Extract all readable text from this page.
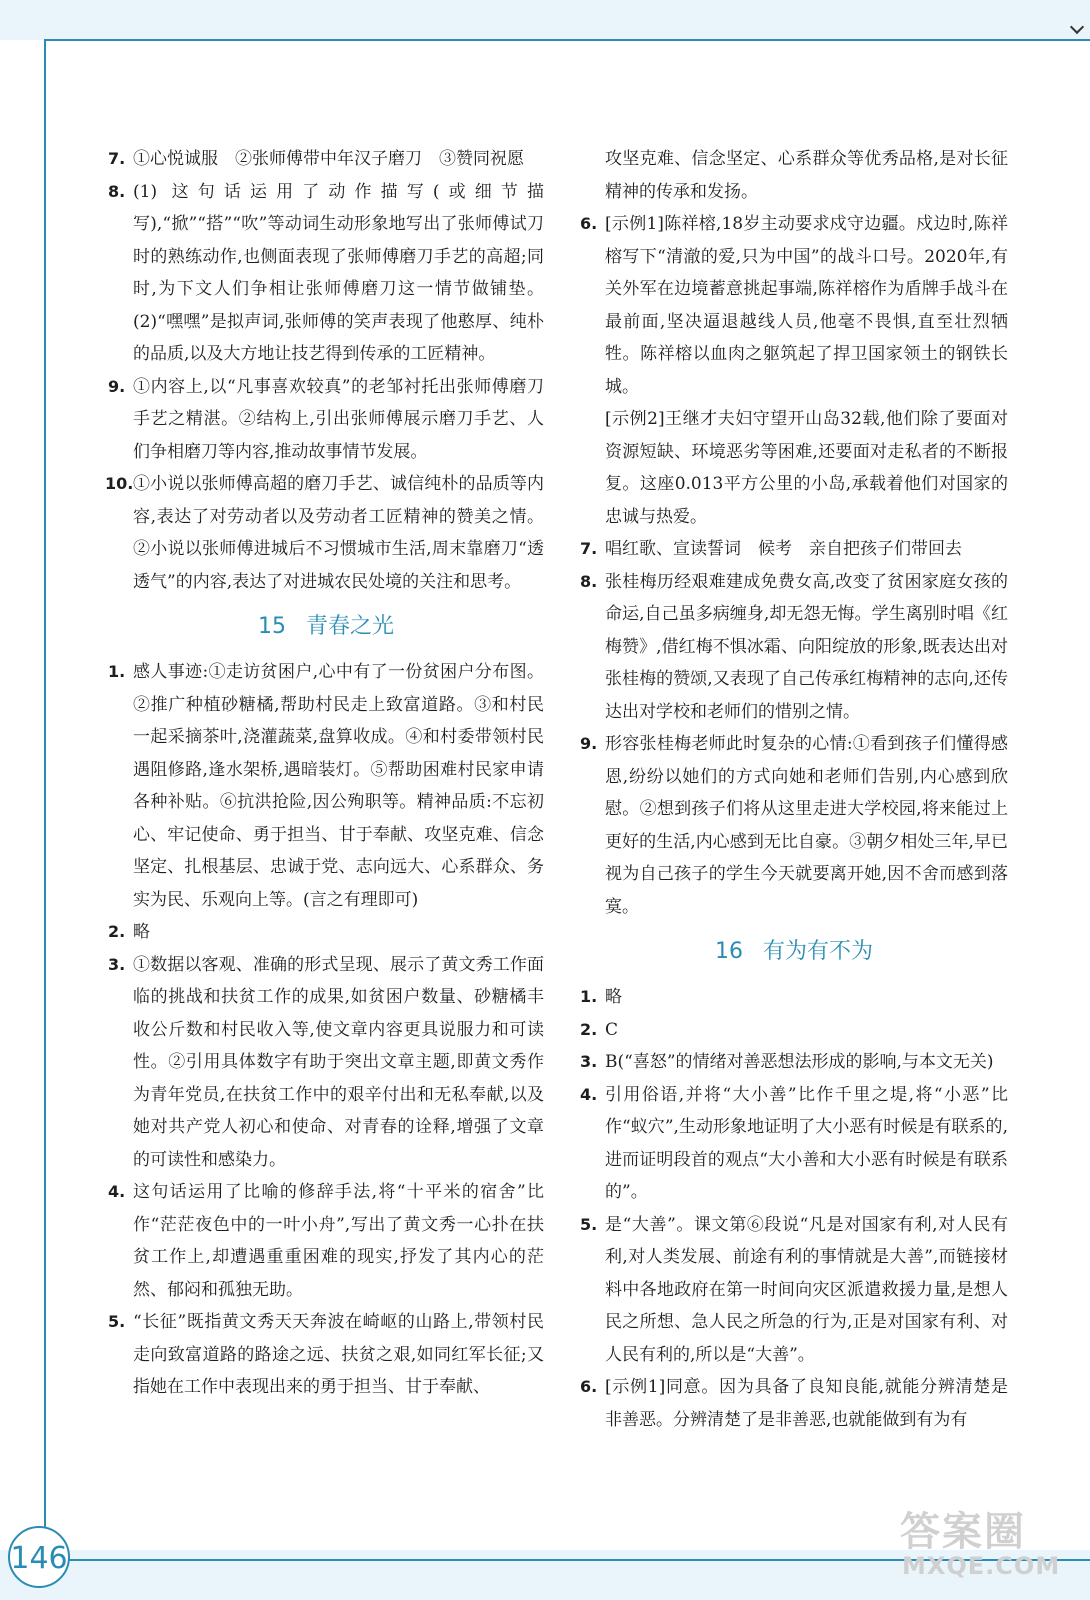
146
7. ①心悦诚服　②张师傅带中年汉子磨刀　③赞同祝愿
8. (1) 这句话运用了动作描写(或细节描写),“掀”“搭”“吹”等动词生动形象地写出了张师傅试刀时的熟练动作,也侧面表现了张师傅磨刀手艺的高超;同时,为下文人们争相让张师傅磨刀这一情节做铺垫。(2)“嘿嘿”是拟声词,张师傅的笑声表现了他憨厚、纯朴的品质,以及大方地让技艺得到传承的工匠精神。
9. ①内容上,以“凡事喜欢较真”的老邹衬托出张师傅磨刀手艺之精湛。②结构上,引出张师傅展示磨刀手艺、人们争相磨刀等内容,推动故事情节发展。
10. ①小说以张师傅高超的磨刀手艺、诚信纯朴的品质等内容,表达了对劳动者以及劳动者工匠精神的赞美之情。②小说以张师傅进城后不习惯城市生活,周末靠磨刀“透透气”的内容,表达了对进城农民处境的关注和思考。
15 青春之光
1. 感人事迹:①走访贫困户,心中有了一份贫困户分布图。②推广种植砂糖橘,帮助村民走上致富道路。③和村民一起采摘茶叶,浇灌蔬菜,盘算收成。④和村委带领村民遇阻修路,逢水架桥,遇暗装灯。⑤帮助困难村民家申请各种补贴。⑥抗洪抢险,因公殉职等。精神品质:不忘初心、牢记使命、勇于担当、甘于奉献、攻坚克难、信念坚定、扎根基层、忠诚于党、志向远大、心系群众、务实为民、乐观向上等。(言之有理即可)
2. 略
3. ①数据以客观、准确的形式呈现、展示了黄文秀工作面临的挑战和扶贫工作的成果,如贫困户数量、砂糖橘丰收公斤数和村民收入等,使文章内容更具说服力和可读性。②引用具体数字有助于突出文章主题,即黄文秀作为青年党员,在扶贫工作中的艰辛付出和无私奉献,以及她对共产党人初心和使命、对青春的诠释,增强了文章的可读性和感染力。
4. 这句话运用了比喻的修辞手法,将“十平米的宿舍”比作“茫茫夜色中的一叶小舟”,写出了黄文秀一心扑在扶贫工作上,却遭遇重重困难的现实,抒发了其内心的茫然、郁闷和孤独无助。
5. “长征”既指黄文秀天天奔波在崎岖的山路上,带领村民走向致富道路的路途之远、扶贫之艰,如同红军长征;又指她在工作中表现出来的勇于担当、甘于奉献、
攻坚克难、信念坚定、心系群众等优秀品格,是对长征精神的传承和发扬。
6. [示例1]陈祥榕,18岁主动要求戍守边疆。戍边时,陈祥榕写下“清澈的爱,只为中国”的战斗口号。2020年,有关外军在边境蓄意挑起事端,陈祥榕作为盾牌手战斗在最前面,坚决逼退越线人员,他毫不畏惧,直至壮烈牺牲。陈祥榕以血肉之躯筑起了捍卫国家领土的钢铁长城。
[示例2]王继才夫妇守望开山岛32载,他们除了要面对资源短缺、环境恶劣等困难,还要面对走私者的不断报复。这座0.013平方公里的小岛,承载着他们对国家的忠诚与热爱。
7. 唱红歌、宣读誓词　候考　亲自把孩子们带回去
8. 张桂梅历经艰难建成免费女高,改变了贫困家庭女孩的命运,自己虽多病缠身,却无怨无悔。学生离别时唱《红梅赞》,借红梅不惧冰霜、向阳绽放的形象,既表达出对张桂梅的赞颂,又表现了自己传承红梅精神的志向,还传达出对学校和老师们的惜别之情。
9. 形容张桂梅老师此时复杂的心情:①看到孩子们懂得感恩,纷纷以她们的方式向她和老师们告别,内心感到欣慰。②想到孩子们将从这里走进大学校园,将来能过上更好的生活,内心感到无比自豪。③朝夕相处三年,早已视为自己孩子的学生今天就要离开她,因不舍而感到落寞。
16 有为有不为
1. 略
2. C
3. B(“喜怒”的情绪对善恶想法形成的影响,与本文无关)
4. 引用俗语,并将“大小善”比作千里之堤,将“小恶”比作“蚁穴”,生动形象地证明了大小恶有时候是有联系的,进而证明段首的观点“大小善和大小恶有时候是有联系的”。
5. 是“大善”。课文第⑥段说“凡是对国家有利,对人民有利,对人类发展、前途有利的事情就是大善”,而链接材料中各地政府在第一时间向灾区派遣救援力量,是想人民之所想、急人民之所急的行为,正是对国家有利、对人民有利的,所以是“大善”。
6. [示例1]同意。因为具备了良知良能,就能分辨清楚是非善恶。分辨清楚了是非善恶,也就能做到有为有
答案圈
MXQE.COM
